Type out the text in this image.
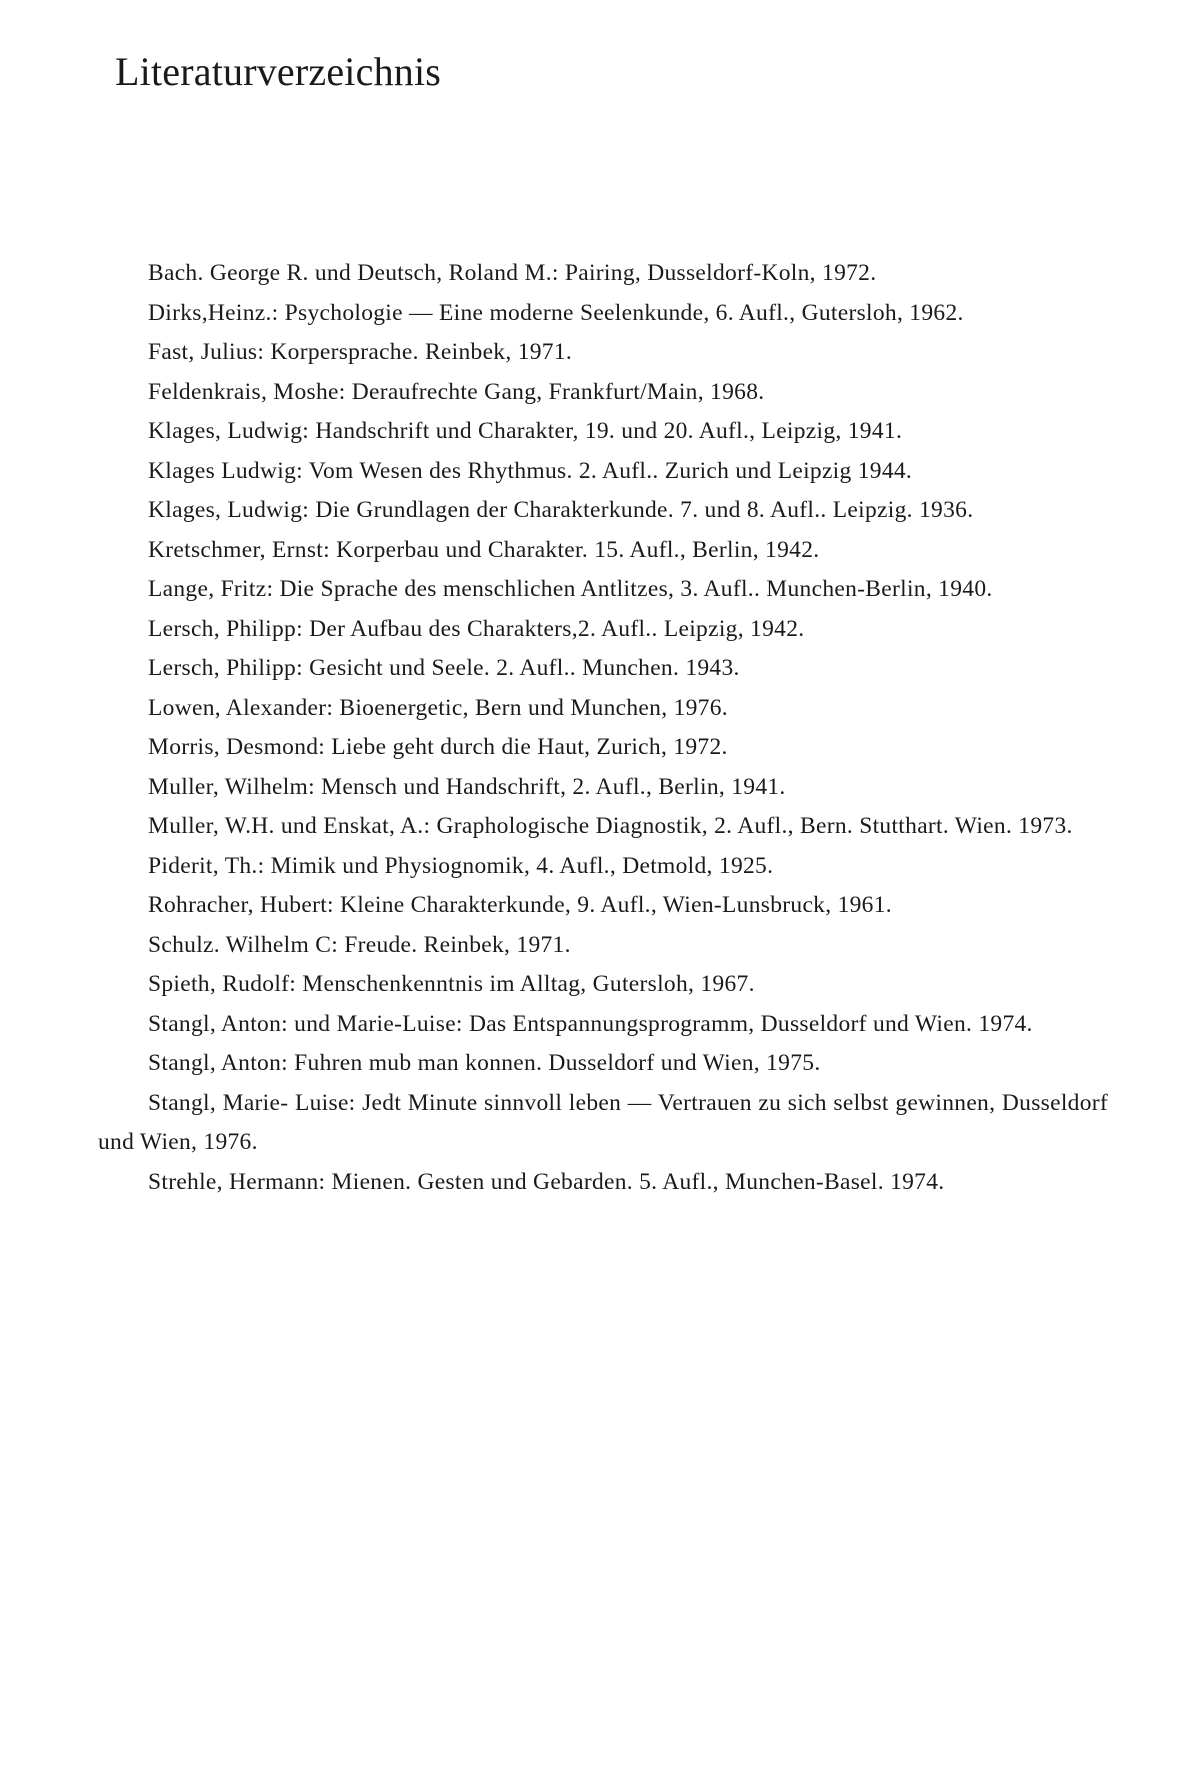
Literaturverzeichnis
Bach. George R. und Deutsch, Roland M.: Pairing, Dusseldorf-Koln, 1972.
Dirks,Heinz.: Psychologie — Eine moderne Seelenkunde, 6. Aufl., Gutersloh, 1962.
Fast, Julius: Korpersprache. Reinbek, 1971.
Feldenkrais, Moshe: Deraufrechte Gang, Frankfurt/Main, 1968.
Klages, Ludwig: Handschrift und Charakter, 19. und 20. Aufl., Leipzig, 1941.
Klages Ludwig: Vom Wesen des Rhythmus. 2. Aufl.. Zurich und Leipzig 1944.
Klages, Ludwig: Die Grundlagen der Charakterkunde. 7. und 8. Aufl.. Leipzig. 1936.
Kretschmer, Ernst: Korperbau und Charakter. 15. Aufl., Berlin, 1942.
Lange, Fritz: Die Sprache des menschlichen Antlitzes, 3. Aufl.. Munchen-Berlin, 1940.
Lersch, Philipp: Der Aufbau des Charakters,2. Aufl.. Leipzig, 1942.
Lersch, Philipp: Gesicht und Seele. 2. Aufl.. Munchen. 1943.
Lowen, Alexander: Bioenergetic, Bern und Munchen, 1976.
Morris, Desmond: Liebe geht durch die Haut, Zurich, 1972.
Muller, Wilhelm: Mensch und Handschrift, 2. Aufl., Berlin, 1941.
Muller, W.H. und Enskat, A.: Graphologische Diagnostik, 2. Aufl., Bern. Stutthart. Wien. 1973.
Piderit, Th.: Mimik und Physiognomik, 4. Aufl., Detmold, 1925.
Rohracher, Hubert: Kleine Charakterkunde, 9. Aufl., Wien-Lunsbruck, 1961.
Schulz. Wilhelm C: Freude. Reinbek, 1971.
Spieth, Rudolf: Menschenkenntnis im Alltag, Gutersloh, 1967.
Stangl, Anton: und Marie-Luise: Das Entspannungsprogramm, Dusseldorf und Wien. 1974.
Stangl, Anton: Fuhren mub man konnen. Dusseldorf und Wien, 1975.
Stangl, Marie- Luise: Jedt Minute sinnvoll leben — Vertrauen zu sich selbst gewinnen, Dusseldorf und Wien, 1976.
Strehle, Hermann: Mienen. Gesten und Gebarden. 5. Aufl., Munchen-Basel. 1974.
